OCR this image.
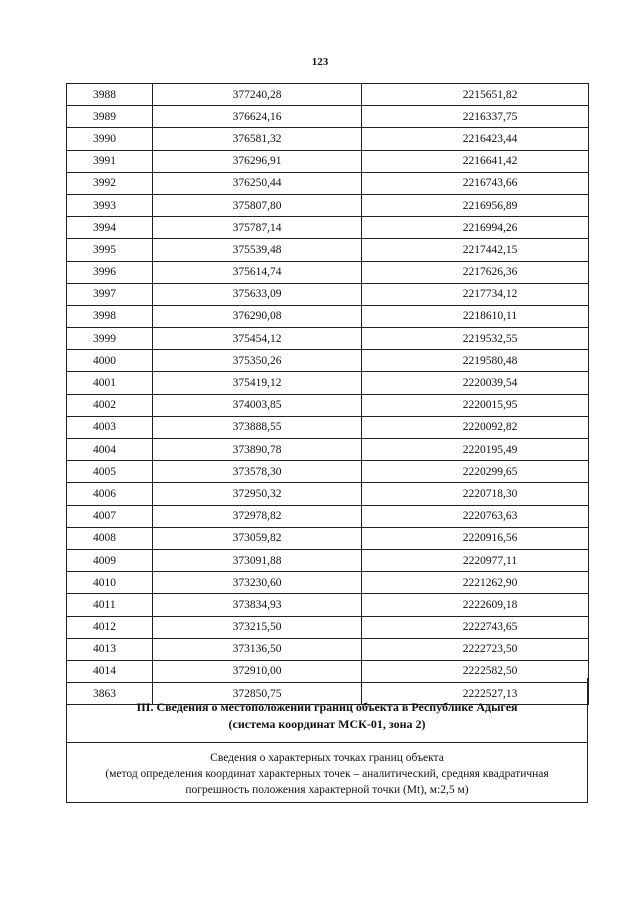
123
3988	377240,28	2215651,82
3989	376624,16	2216337,75
3990	376581,32	2216423,44
3991	376296,91	2216641,42
3992	376250,44	2216743,66
3993	375807,80	2216956,89
3994	375787,14	2216994,26
3995	375539,48	2217442,15
3996	375614,74	2217626,36
3997	375633,09	2217734,12
3998	376290,08	2218610,11
3999	375454,12	2219532,55
4000	375350,26	2219580,48
4001	375419,12	2220039,54
4002	374003,85	2220015,95
4003	373888,55	2220092,82
4004	373890,78	2220195,49
4005	373578,30	2220299,65
4006	372950,32	2220718,30
4007	372978,82	2220763,63
4008	373059,82	2220916,56
4009	373091,88	2220977,11
4010	373230,60	2221262,90
4011	373834,93	2222609,18
4012	373215,50	2222743,65
4013	373136,50	2222723,50
4014	372910,00	2222582,50
3863	372850,75	2222527,13
III. Сведения о местоположении границ объекта в Республике Адыгея
(система координат МСК-01, зона 2)
Сведения о характерных точках границ объекта
(метод определения координат характерных точек – аналитический, средняя квадратичная
погрешность положения характерной точки (Mt), м:2,5 м)
